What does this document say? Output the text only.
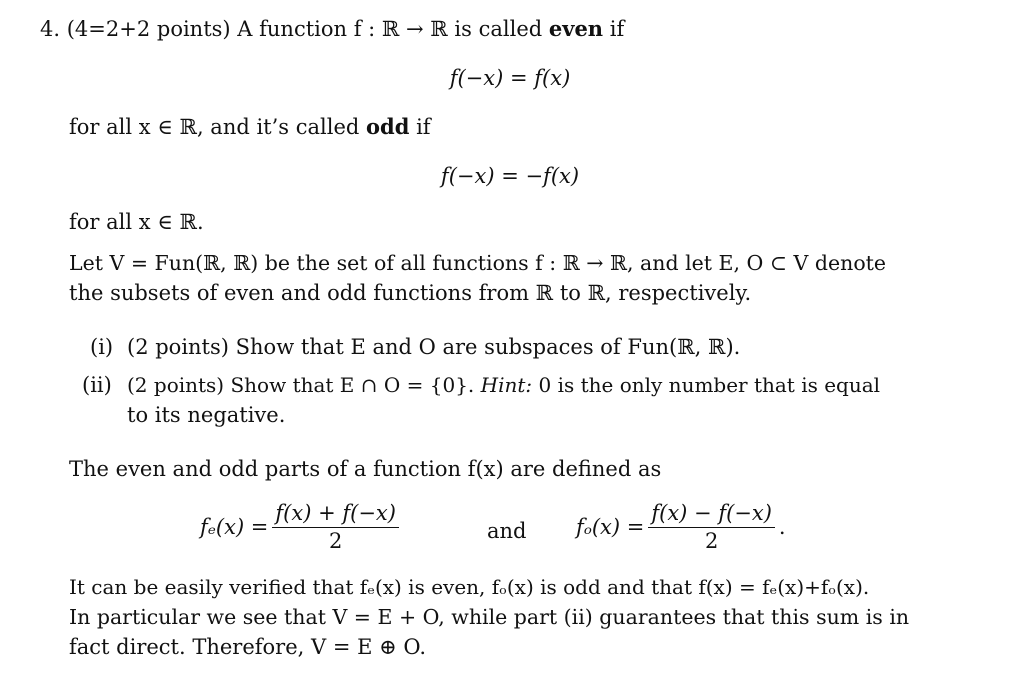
4. (4=2+2 points) A function f : ℝ → ℝ is called even if
f(−x) = f(x)
for all x ∈ ℝ, and it’s called odd if
f(−x) = −f(x)
for all x ∈ ℝ.
Let V = Fun(ℝ, ℝ) be the set of all functions f : ℝ → ℝ, and let E, O ⊂ V denote
the subsets of even and odd functions from ℝ to ℝ, respectively.
(i) (2 points) Show that E and O are subspaces of Fun(ℝ, ℝ).
(ii) (2 points) Show that E ∩ O = {0}. Hint: 0 is the only number that is equal
to its negative.
The even and odd parts of a function f(x) are defined as
$f_e(x) = \frac{f(x) + f(-x)}{2}$	and $f_o(x) = \frac{f(x) - f(-x)}{2}$ .
It can be easily verified that fₑ(x) is even, fₒ(x) is odd and that f(x) = fₑ(x)+fₒ(x).
In particular we see that V = E + O, while part (ii) guarantees that this sum is in
fact direct. Therefore, V = E ⊕ O.
